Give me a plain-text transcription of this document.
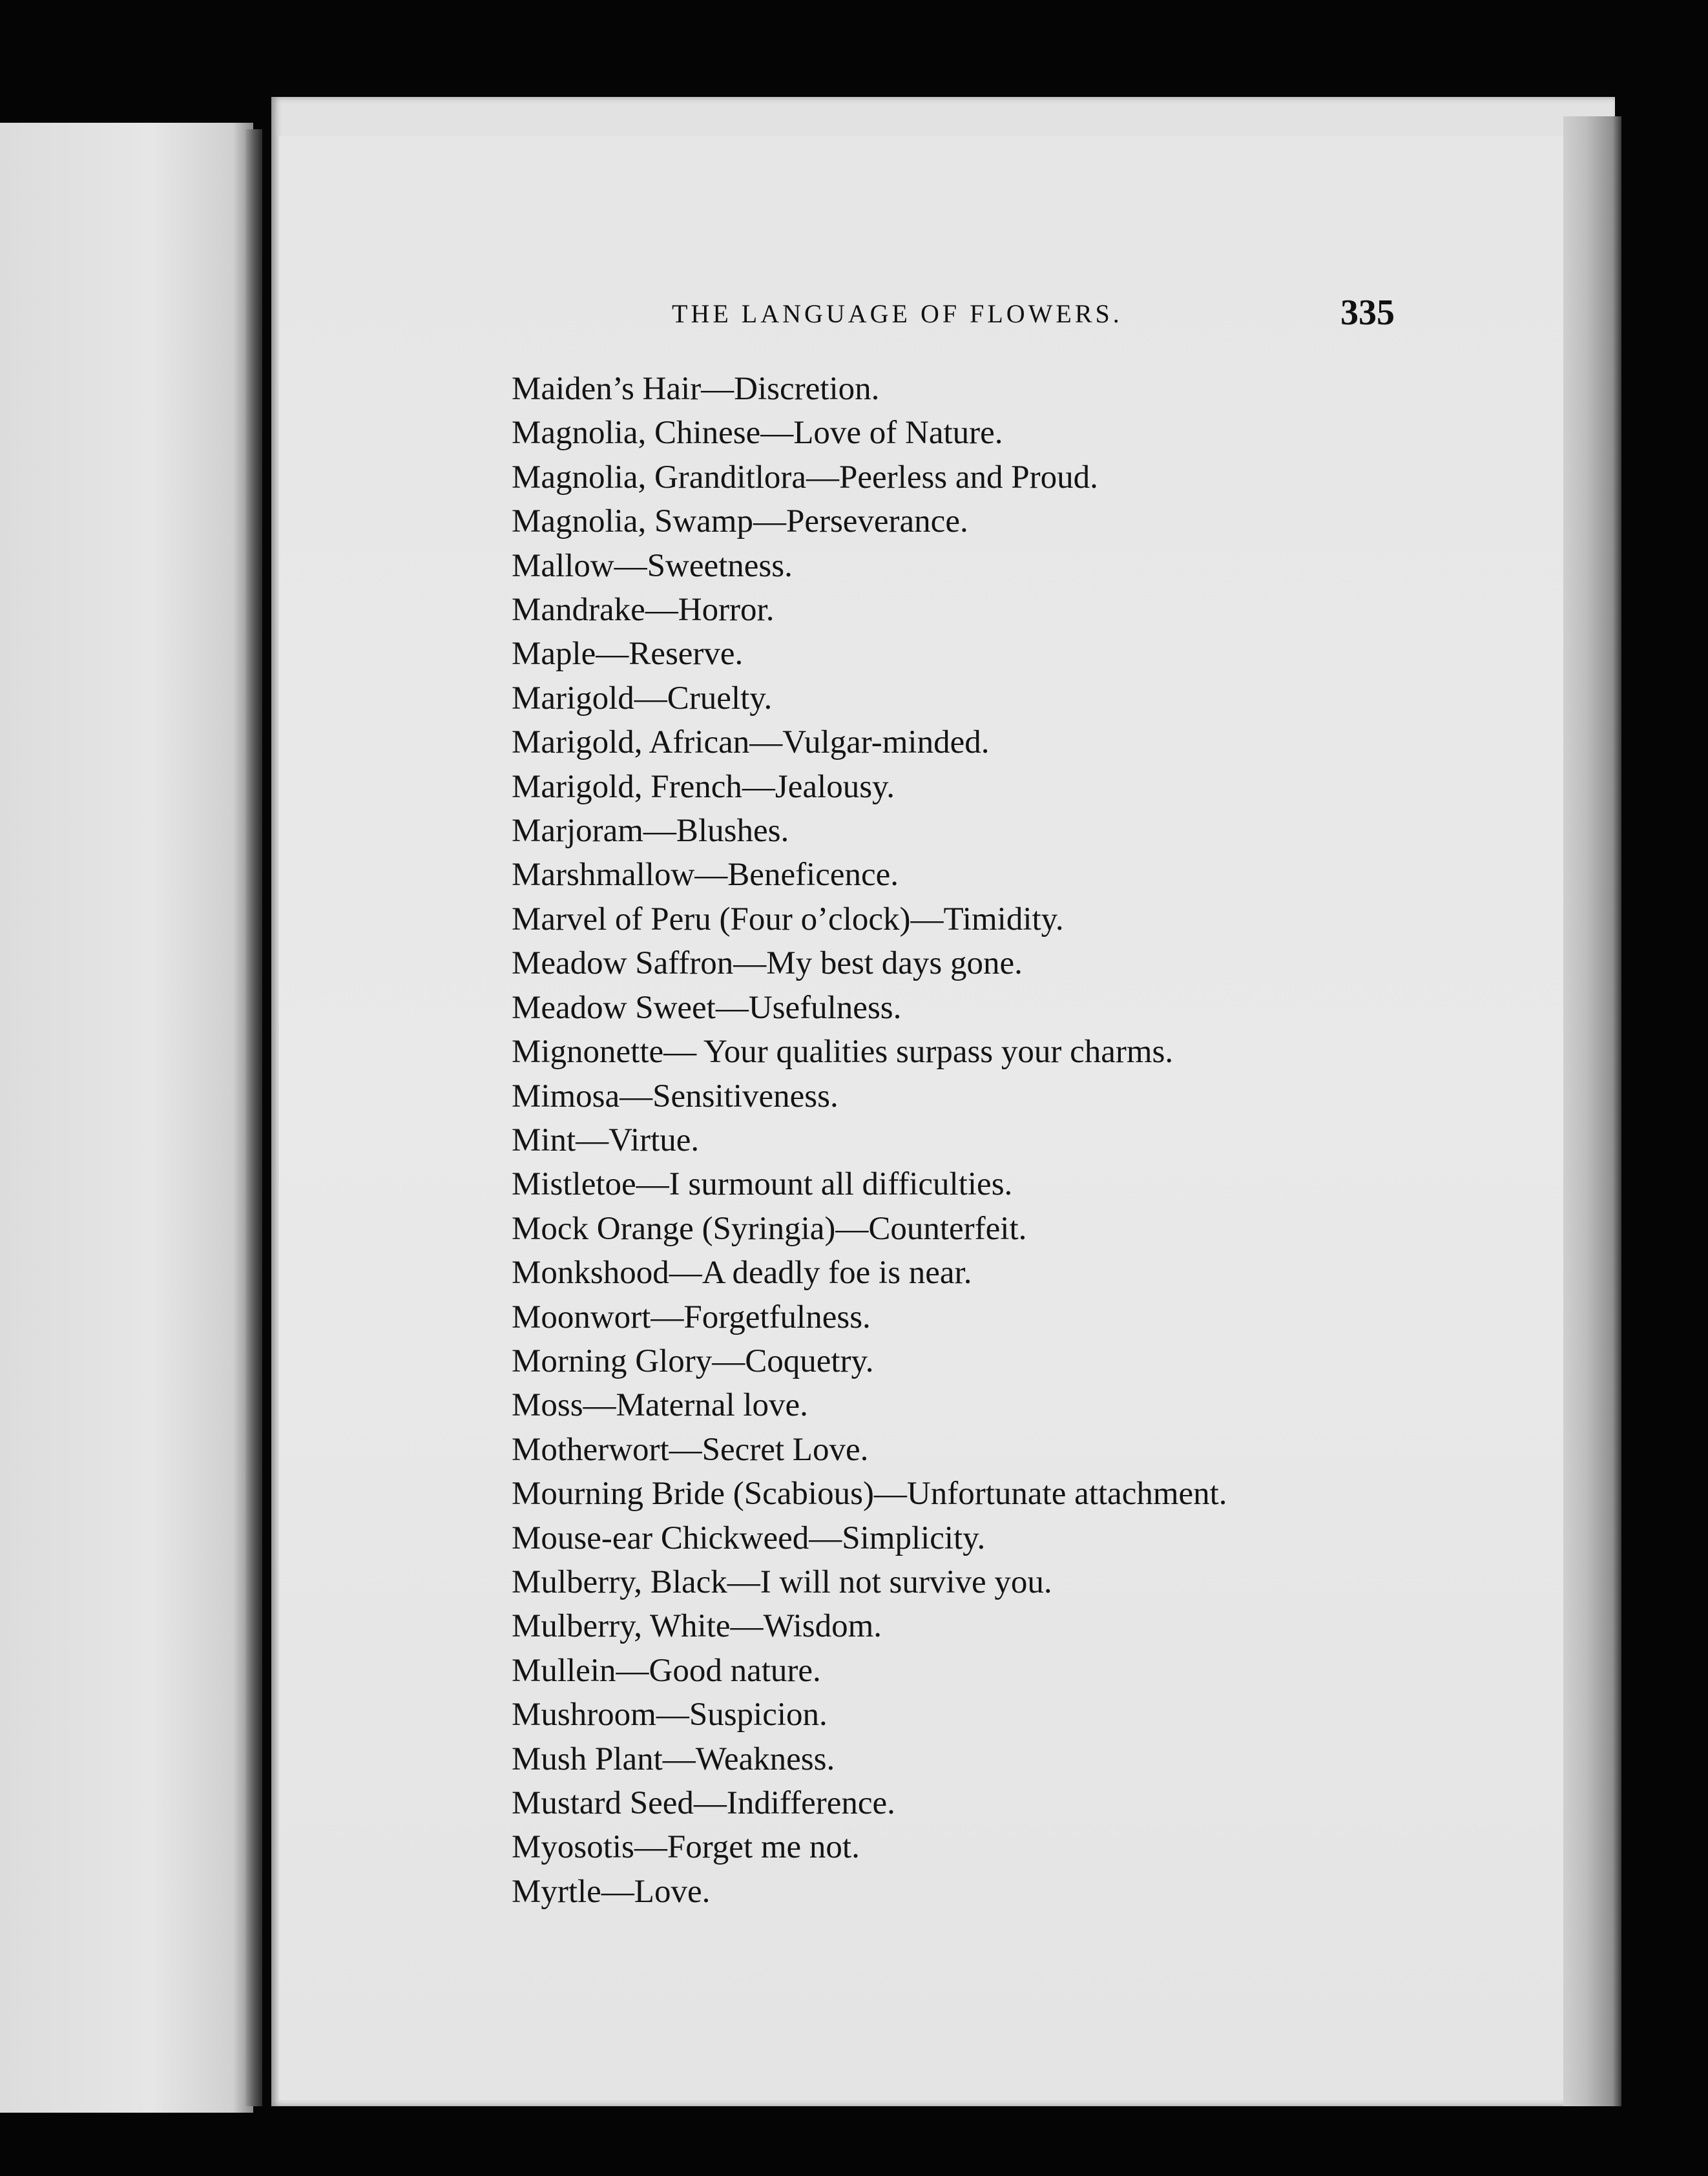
THE LANGUAGE OF FLOWERS.	335
Maiden’s Hair—Discretion.
Magnolia, Chinese—Love of Nature.
Magnolia, Granditlora—Peerless and Proud.
Magnolia, Swamp—Perseverance.
Mallow—Sweetness.
Mandrake—Horror.
Maple—Reserve.
Marigold—Cruelty.
Marigold, African—Vulgar-minded.
Marigold, French—Jealousy.
Marjoram—Blushes.
Marshmallow—Beneficence.
Marvel of Peru (Four o’clock)—Timidity.
Meadow Saffron—My best days gone.
Meadow Sweet—Usefulness.
Mignonette— Your qualities surpass your charms.
Mimosa—Sensitiveness.
Mint—Virtue.
Mistletoe—I surmount all difficulties.
Mock Orange (Syringia)—Counterfeit.
Monkshood—A deadly foe is near.
Moonwort—Forgetfulness.
Morning Glory—Coquetry.
Moss—Maternal love.
Motherwort—Secret Love.
Mourning Bride (Scabious)—Unfortunate attachment.
Mouse-ear Chickweed—Simplicity.
Mulberry, Black—I will not survive you.
Mulberry, White—Wisdom.
Mullein—Good nature.
Mushroom—Suspicion.
Mush Plant—Weakness.
Mustard Seed—Indifference.
Myosotis—Forget me not.
Myrtle—Love.
